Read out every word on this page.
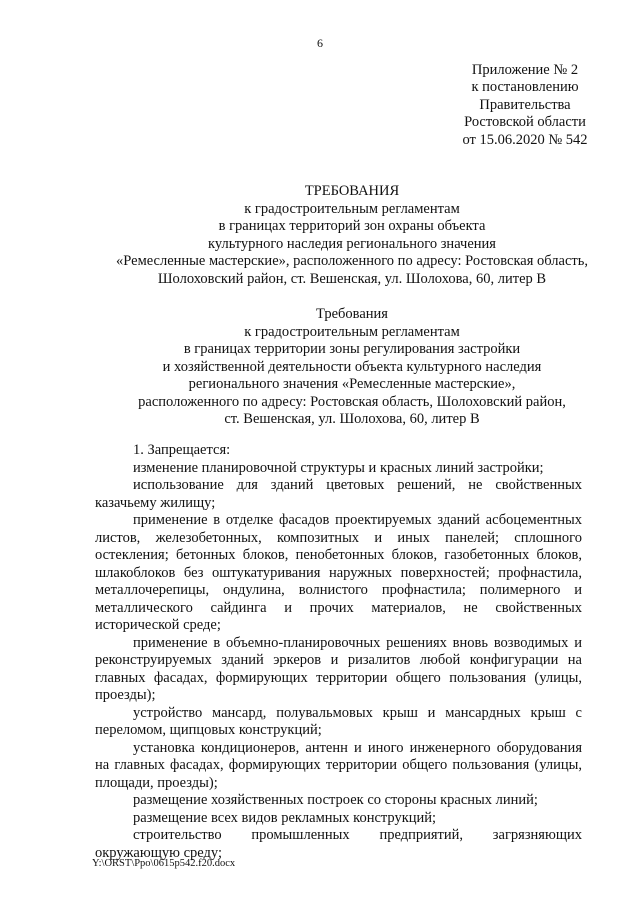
6
Приложение № 2
к постановлению
Правительства
Ростовской области
от 15.06.2020 № 542
ТРЕБОВАНИЯ
к градостроительным регламентам
в границах территорий зон охраны объекта
культурного наследия регионального значения
«Ремесленные мастерские», расположенного по адресу: Ростовская область,
Шолоховский район, ст. Вешенская, ул. Шолохова, 60, литер В
Требования
к градостроительным регламентам
в границах территории зоны регулирования застройки
и хозяйственной деятельности объекта культурного наследия
регионального значения «Ремесленные мастерские»,
расположенного по адресу: Ростовская область, Шолоховский район,
ст. Вешенская, ул. Шолохова, 60, литер В
1. Запрещается:
изменение планировочной структуры и красных линий застройки;
использование для зданий цветовых решений, не свойственных казачьему жилищу;
применение в отделке фасадов проектируемых зданий асбоцементных листов, железобетонных, композитных и иных панелей; сплошного остекления; бетонных блоков, пенобетонных блоков, газобетонных блоков, шлакоблоков без оштукатуривания наружных поверхностей; профнастила, металлочерепицы, ондулина, волнистого профнастила; полимерного и металлического сайдинга и прочих материалов, не свойственных исторической среде;
применение в объемно-планировочных решениях вновь возводимых и реконструируемых зданий эркеров и ризалитов любой конфигурации на главных фасадах, формирующих территории общего пользования (улицы, проезды);
устройство мансард, полувальмовых крыш и мансардных крыш с переломом, щипцовых конструкций;
установка кондиционеров, антенн и иного инженерного оборудования на главных фасадах, формирующих территории общего пользования (улицы, площади, проезды);
размещение хозяйственных построек со стороны красных линий;
размещение всех видов рекламных конструкций;
строительство промышленных предприятий, загрязняющих окружающую среду;
Y:\ORST\Ppo\0615p542.f20.docx
